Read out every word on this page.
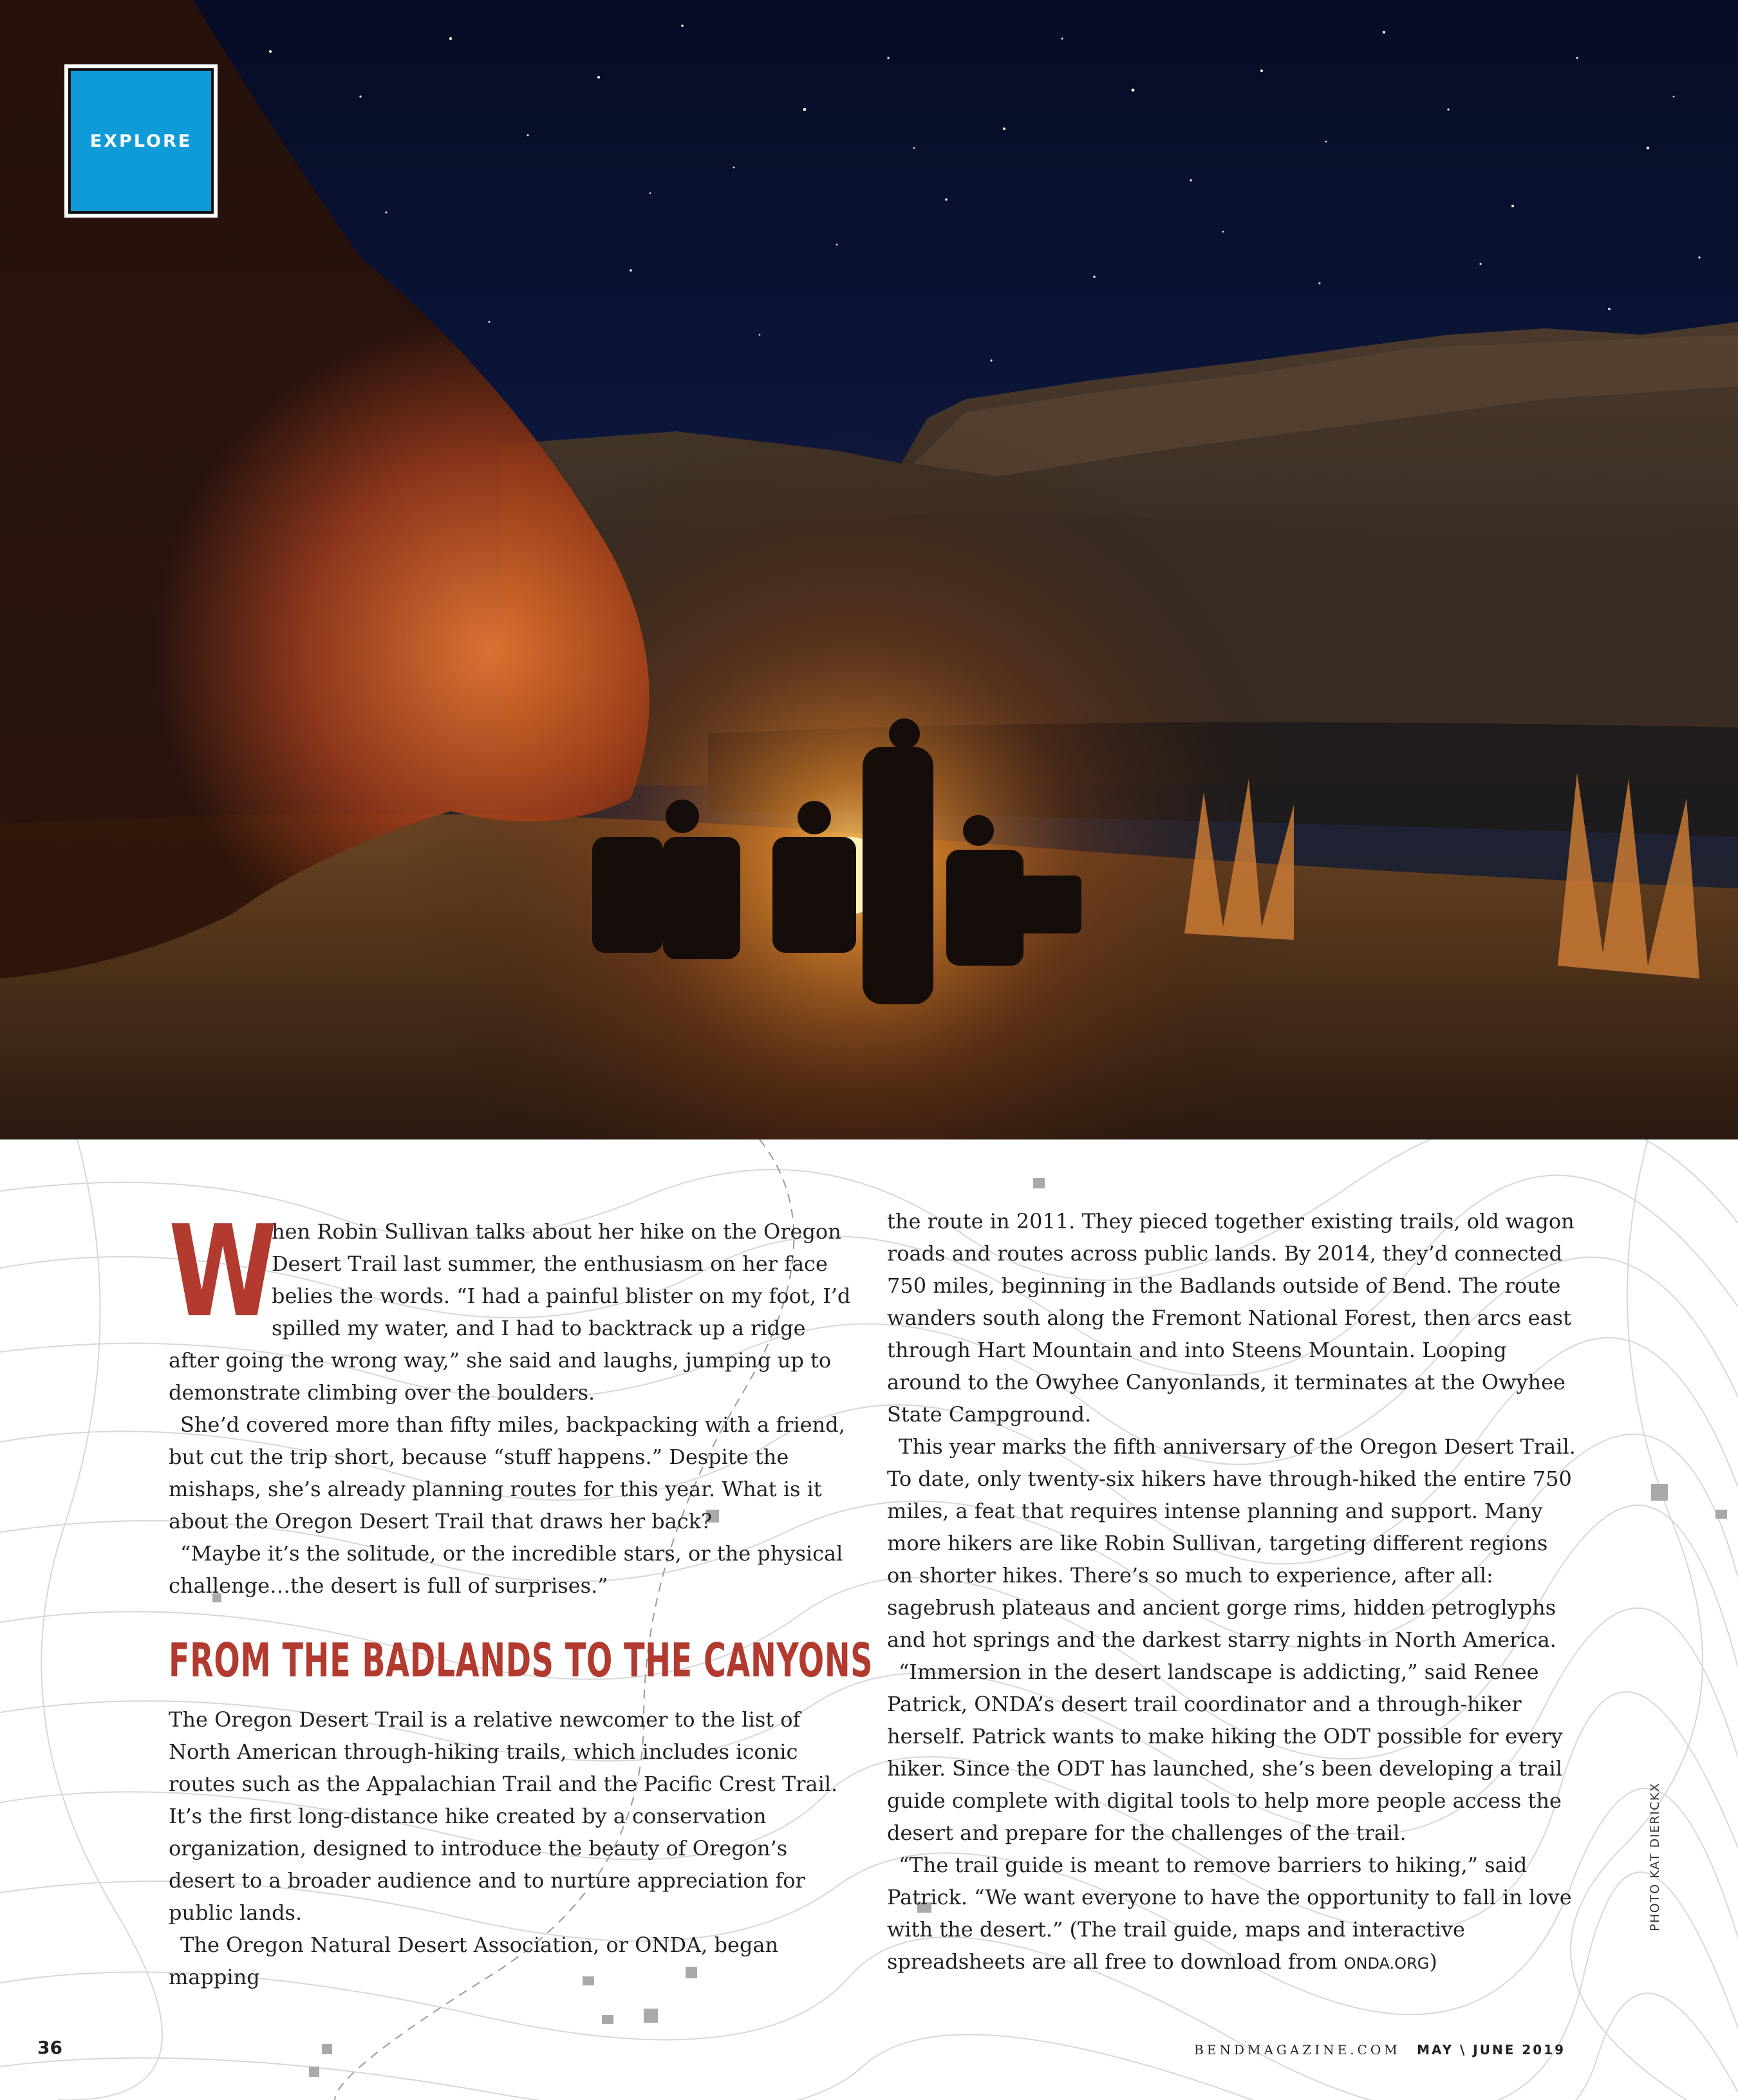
EXPLORE
W

hen Robin Sullivan talks about her hike on the Oregon Desert Trail last summer, the enthusiasm on her face belies the words. “I had a painful blister on my foot, I’d spilled my water, and I had to backtrack up a ridge after going the wrong way,” she said and laughs, jumping up to demonstrate climbing over the boulders.

She’d covered more than fifty miles, backpacking with a friend, but cut the trip short, because “stuff happens.” Despite the mishaps, she’s already planning routes for this year. What is it about the Oregon Desert Trail that draws her back?

“Maybe it’s the solitude, or the incredible stars, or the physical challenge…the desert is full of surprises.”

FROM THE BADLANDS TO THE CANYONS

The Oregon Desert Trail is a relative newcomer to the list of North American through-hiking trails, which includes iconic routes such as the Appalachian Trail and the Pacific Crest Trail. It’s the first long-distance hike created by a conservation organization, designed to introduce the beauty of Oregon’s desert to a broader audience and to nurture appreciation for public lands.

The Oregon Natural Desert Association, or ONDA, began mapping

the route in 2011. They pieced together existing trails, old wagon roads and routes across public lands. By 2014, they’d connected 750 miles, beginning in the Badlands outside of Bend. The route wanders south along the Fremont National Forest, then arcs east through Hart Mountain and into Steens Mountain. Looping around to the Owyhee Canyonlands, it terminates at the Owyhee State Campground.

This year marks the fifth anniversary of the Oregon Desert Trail. To date, only twenty-six hikers have through-hiked the entire 750 miles, a feat that requires intense planning and support. Many more hikers are like Robin Sullivan, targeting different regions on shorter hikes. There’s so much to experience, after all: sagebrush plateaus and ancient gorge rims, hidden petroglyphs and hot springs and the darkest starry nights in North America.

“Immersion in the desert landscape is addicting,” said Renee Patrick, ONDA’s desert trail coordinator and a through-hiker herself. Patrick wants to make hiking the ODT possible for every hiker. Since the ODT has launched, she’s been developing a trail guide complete with digital tools to help more people access the desert and prepare for the challenges of the trail.

“The trail guide is meant to remove barriers to hiking,” said Patrick. “We want everyone to have the opportunity to fall in love with the desert.” (The trail guide, maps and interactive spreadsheets are all free to download from ONDA.ORG)

PHOTO KAT DIERICKX
36	BENDMAGAZINE.COM MAY \ JUNE 2019
